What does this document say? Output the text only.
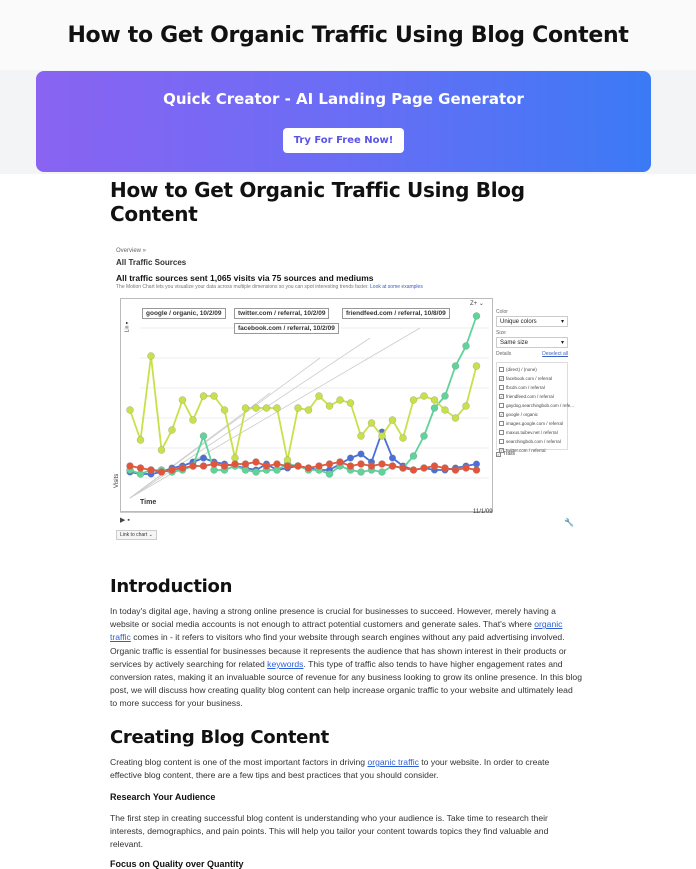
How to Get Organic Traffic Using Blog Content
Quick Creator - AI Landing Page Generator
Try For Free Now!
How to Get Organic Traffic Using Blog Content
Overview »
All Traffic Sources
All traffic sources sent 1,065 visits via 75 sources and mediums
The Motion Chart lets you visualize your data across multiple dimensions so you can spot interesting trends faster. Look at some examples
google / organic, 10/2/09	twitter.com / referral, 10/2/09	friendfeed.com / referral, 10/8/09
facebook.com / referral, 10/2/09
Z+ ⌄
Visits
Lin ▾
Color
Unique colors	▾
Size
Same size	▾
Details	Deselect all
(direct) / (none)
✓ facebook.com / referral
fbcdn.com / referral
✓ friendfeed.com / referral
gaydog.searchingbob.com / refe...
✓ google / organic
images.google.com / referral
maxus.tuibev.net / referral
searchingbob.com / referral
✓ twitter.com / referral
✓ Trails
Time
11/1/09
▶ ▪
Link to chart ⌄
🔧
Introduction

In today's digital age, having a strong online presence is crucial for businesses to succeed. However, merely having a website or social media accounts is not enough to attract potential customers and generate sales. That's where organic traffic comes in - it refers to visitors who find your website through search engines without any paid advertising involved. Organic traffic is essential for businesses because it represents the audience that has shown interest in their products or services by actively searching for related keywords. This type of traffic also tends to have higher engagement rates and conversion rates, making it an invaluable source of revenue for any business looking to grow its online presence. In this blog post, we will discuss how creating quality blog content can help increase organic traffic to your website and ultimately lead to more success for your business.

Creating Blog Content

Creating blog content is one of the most important factors in driving organic traffic to your website. In order to create effective blog content, there are a few tips and best practices that you should consider.

Research Your Audience

The first step in creating successful blog content is understanding who your audience is. Take time to research their interests, demographics, and pain points. This will help you tailor your content towards topics they find valuable and relevant.

Focus on Quality over Quantity
